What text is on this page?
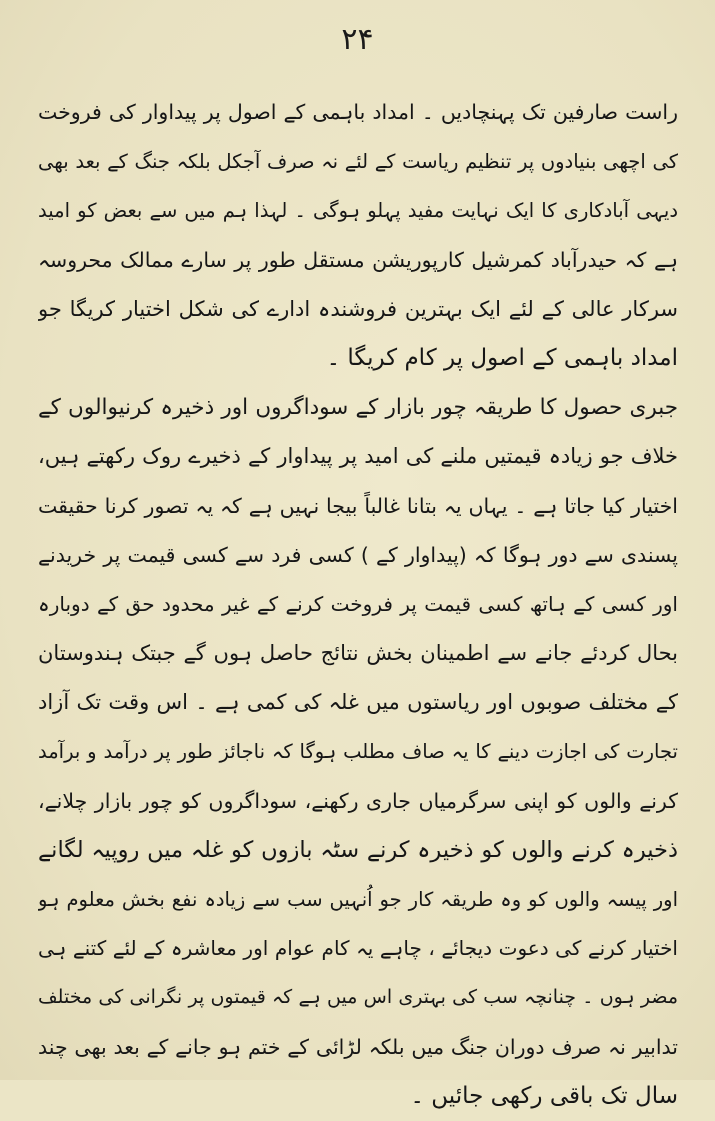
۲۴
راست صارفین تک پہنچادیں ۔ امداد باہمی کے اصول پر پیداوار کی فروخت
کی اچھی بنیادوں پر تنظیم ریاست کے لئے نہ صرف آجکل بلکہ جنگ کے بعد بھی
دیہی آبادکاری کا ایک نہایت مفید پہلو ہوگی ۔ لہذا ہم میں سے بعض کو امید
ہے کہ حیدرآباد کمرشیل کارپوریشن مستقل طور پر سارے ممالک محروسہ
سرکار عالی کے لئے ایک بہترین فروشندہ ادارے کی شکل اختیار کریگا جو
امداد باہمی کے اصول پر کام کریگا ۔
جبری حصول کا طریقہ چور بازار کے سوداگروں اور ذخیرہ کرنیوالوں کے
خلاف جو زیادہ قیمتیں ملنے کی امید پر پیداوار کے ذخیرے روک رکھتے ہیں،
اختیار کیا جاتا ہے ۔ یہاں یہ بتانا غالباً بیجا نہیں ہے کہ یہ تصور کرنا حقیقت
پسندی سے دور ہوگا کہ (پیداوار کے ) کسی فرد سے کسی قیمت پر خریدنے
اور کسی کے ہاتھ کسی قیمت پر فروخت کرنے کے غیر محدود حق کے دوبارہ
بحال کردئے جانے سے اطمینان بخش نتائج حاصل ہوں گے جبتک ہندوستان
کے مختلف صوبوں اور ریاستوں میں غلہ کی کمی ہے ۔ اس وقت تک آزاد
تجارت کی اجازت دینے کا یہ صاف مطلب ہوگا کہ ناجائز طور پر درآمد و برآمد
کرنے والوں کو اپنی سرگرمیاں جاری رکھنے، سوداگروں کو چور بازار چلانے،
ذخیرہ کرنے والوں کو ذخیرہ کرنے سٹہ بازوں کو غلہ میں روپیہ لگانے
اور پیسہ والوں کو وہ طریقہ کار جو اُنہیں سب سے زیادہ نفع بخش معلوم ہو
اختیار کرنے کی دعوت دیجائے ، چاہے یہ کام عوام اور معاشرہ کے لئے کتنے ہی
مضر ہوں ۔ چنانچہ سب کی بہتری اس میں ہے کہ قیمتوں پر نگرانی کی مختلف
تدابیر نہ صرف دوران جنگ میں بلکہ لڑائی کے ختم ہو جانے کے بعد بھی چند
سال تک باقی رکھی جائیں ۔
